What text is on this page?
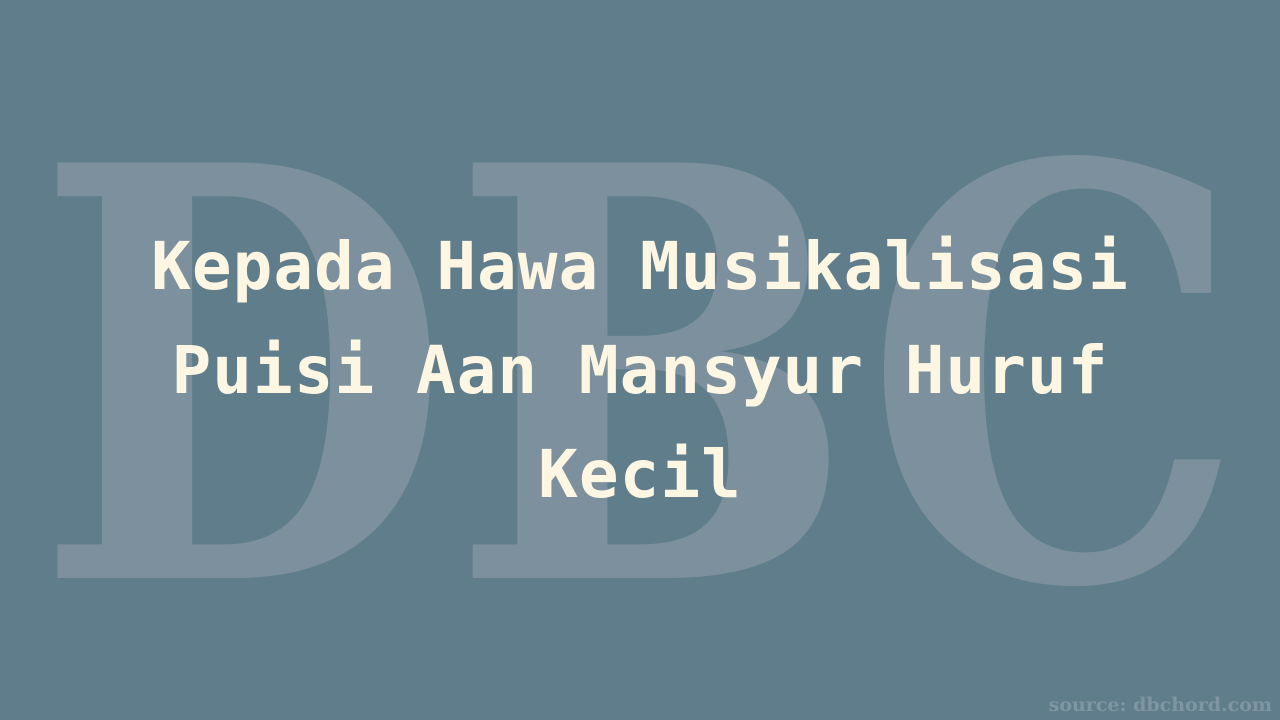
DBC
Kepada Hawa Musikalisasi Puisi Aan Mansyur Huruf Kecil
source: dbchord.com
